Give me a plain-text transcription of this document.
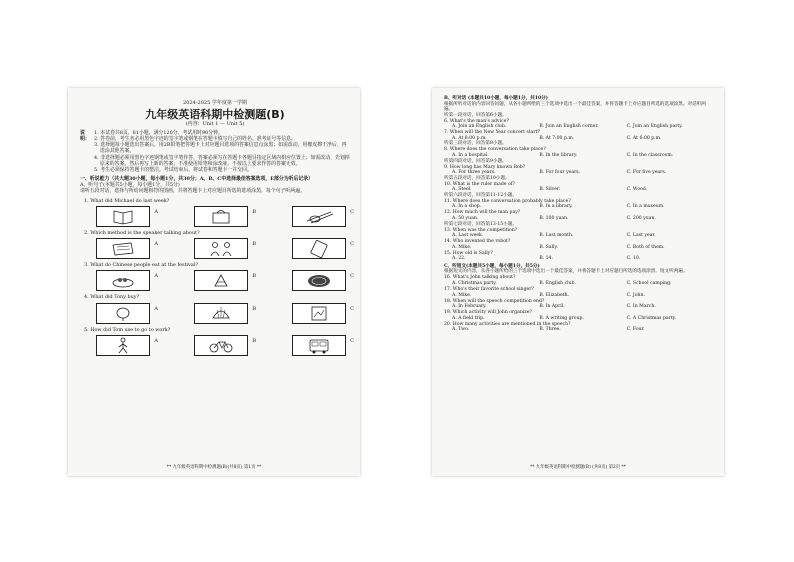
2024-2025 学年度第一学期
九年级英语科期中检测题(B)
(内容：Unit 1 — Unit 5)
说明：
1. 本试卷共8页，81小题，满分120分，考试用时90分钟。
2. 答卷前，考生务必用黑色字迹的签字笔或钢笔在答题卡填写自己的姓名、准考证号等信息。
3. 选择题每小题选出答案后，用2B铅笔把答题卡上对应题目选项的答案信息点涂黑；如需改动，用橡皮擦干净后，再选涂其他答案。
4. 非选择题必须用黑色字迹钢笔或签字笔作答，答案必须写在答题卡各题目指定区域内相应位置上；如需改动，先划掉原来的答案，然后再写上新的答案；不准使用铅笔和涂改液。不按以上要求作答的答案无效。
5. 考生必须保持答题卡的整洁。考试结束后，将试卷和答题卡一并交回。
一、听说能力（共大题30小题，每小题1分，共30分；A、B、C中选择最佳答案选项，E部分为听后记录）
A、听句子(本题共5小题，每小题1分，共5分)
请听五段对话，选择与所给问题相符的图画，并将答题卡上对应题目所选的选项涂黑。每个句子听两遍。
1. What did Michael do last week?
A	B	C
2. Which method is the speaker talking about?
A	B	C
3. What do Chinese people eat at the festival?
A	B	C
4. What did Tony buy?
A	B	C
5. How did Tom use to go to work?
A	B	C
** 九年级英语科期中检测题(B)(共8页) 第1页 **
B、听对话 (本题共10小题，每小题1分，共10分)
根据所听对话的内容回答问题，从各小题所给的三个选项中选出一个最佳答案，并将答题卡上对应题目所选的选项涂黑。对话听两遍。
听第一段对话，回答第6小题。
6. What's the man's advice?
A. Join an English club.	B. Join an English corner.	C. Join an English party.
7. When will the New Year concert start?
A. At 8:00 p.m.	B. At 7:00 p.m.	C. At 6:00 p.m.
听第三段对话，回答第8小题。
8. Where does the conversation take place?
A. In a hospital.	B. In the library.	C. In the classroom.
听第四段对话，回答第9小题。
9. How long has Mary known Bob?
A. For three years.	B. For four years.	C. For five years.
听第五段对话，回答第10小题。
10. What is the ruler made of?
A. Steel.	B. Silver.	C. Wood.
听第六段对话，回答第11-12小题。
11. Where does the conversation probably take place?
A. In a shop.	B. In a library.	C. In a museum.
12. How much will the man pay?
A. 50 yuan.	B. 100 yuan.	C. 200 yuan.
听第七段对话，回答第13-15小题。
13. When was the competition?
A. Last week.	B. Last month.	C. Last year.
14. Who invented the robot?
A. Mike.	B. Sally.	C. Both of them.
15. How old is Sally?
A. 22.	B. 14.	C. 10.
C、听短文(本题共5小题，每小题1分，共5分)
根据短文的内容，从各小题所给的三个选项中选出一个最佳答案，并将答题卡上对应题目所选的选项涂黑。短文听两遍。
16. What's John talking about?
A. Christmas party.	B. English club.	C. School camping.
17. Who's their favorite school singer?
A. Mike.	B. Elizabeth.	C. John.
18. When will the speech competition end?
A. In February.	B. In April.	C. In March.
19. Which activity will John organize?
A. A field trip.	B. A writing group.	C. A Christmas party.
20. How many activities are mentioned in the speech?
A. Two.	B. Three.	C. Four.
** 九年级英语科期中检测题(B) (共8页) 第2页 **
